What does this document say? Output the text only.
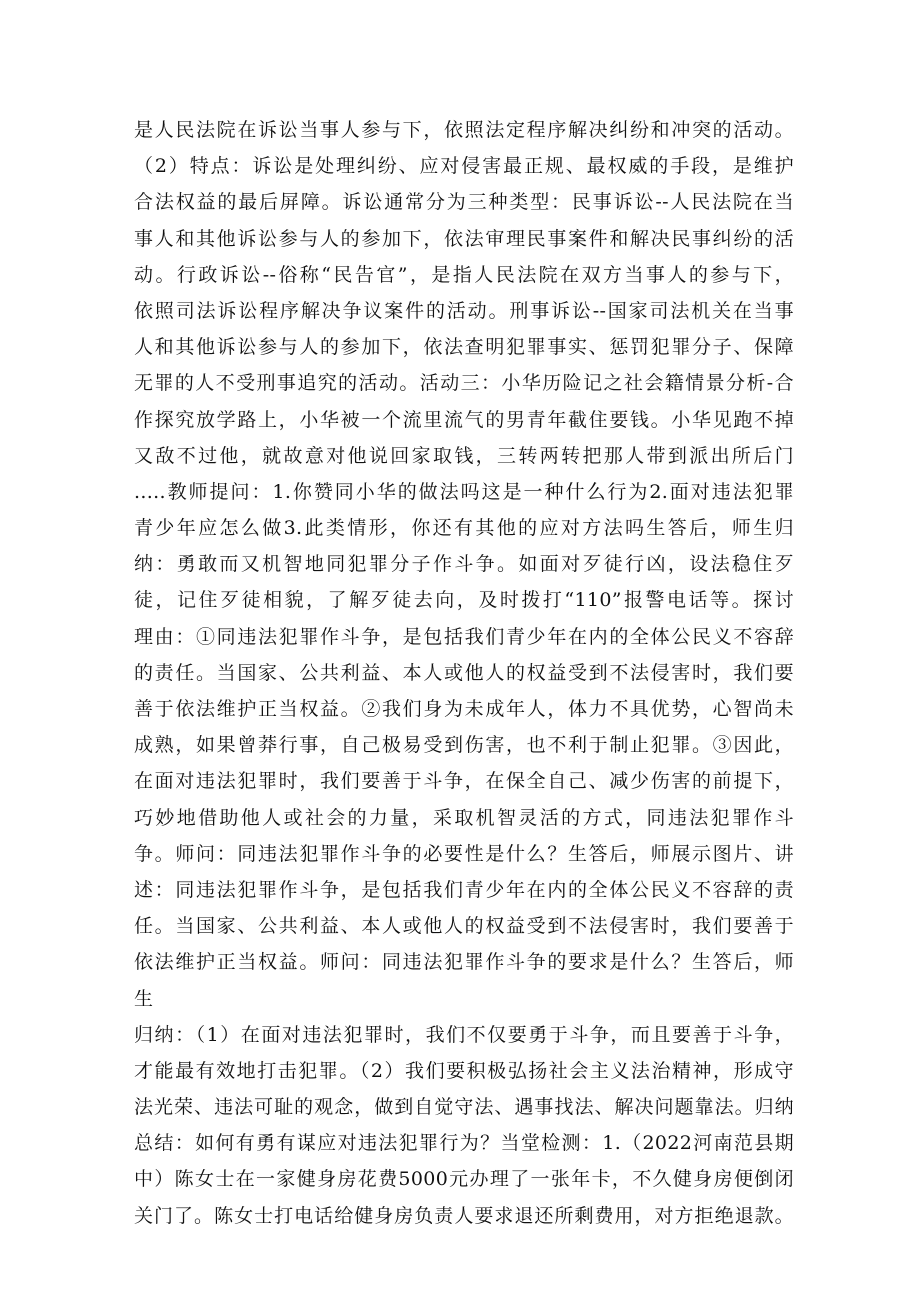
是人民法院在诉讼当事人参与下，依照法定程序解决纠纷和冲突的活动。
（2）特点：诉讼是处理纠纷、应对侵害最正规、最权威的手段，是维护
合法权益的最后屏障。诉讼通常分为三种类型：民事诉讼--人民法院在当
事人和其他诉讼参与人的参加下，依法审理民事案件和解决民事纠纷的活
动。行政诉讼--俗称“民告官”，是指人民法院在双方当事人的参与下，
依照司法诉讼程序解决争议案件的活动。刑事诉讼--国家司法机关在当事
人和其他诉讼参与人的参加下，依法查明犯罪事实、惩罚犯罪分子、保障
无罪的人不受刑事追究的活动。活动三：小华历险记之社会籍情景分析-合
作探究放学路上，小华被一个流里流气的男青年截住要钱。小华见跑不掉
又敌不过他，就故意对他说回家取钱，三转两转把那人带到派出所后门
.....教师提问：1.你赞同小华的做法吗这是一种什么行为2.面对违法犯罪
青少年应怎么做3.此类情形，你还有其他的应对方法吗生答后，师生归
纳：勇敢而又机智地同犯罪分子作斗争。如面对歹徒行凶，设法稳住歹
徒，记住歹徒相貌，了解歹徒去向，及时拨打“110”报警电话等。探讨
理由：①同违法犯罪作斗争，是包括我们青少年在内的全体公民义不容辞
的责任。当国家、公共利益、本人或他人的权益受到不法侵害时，我们要
善于依法维护正当权益。②我们身为未成年人，体力不具优势，心智尚未
成熟，如果曾莽行事，自己极易受到伤害，也不利于制止犯罪。③因此，
在面对违法犯罪时，我们要善于斗争，在保全自己、减少伤害的前提下，
巧妙地借助他人或社会的力量，采取机智灵活的方式，同违法犯罪作斗
争。师问：同违法犯罪作斗争的必要性是什么？生答后，师展示图片、讲
述：同违法犯罪作斗争，是包括我们青少年在内的全体公民义不容辞的责
任。当国家、公共利益、本人或他人的权益受到不法侵害时，我们要善于
依法维护正当权益。师问：同违法犯罪作斗争的要求是什么？生答后，师
生
归纳：（1）在面对违法犯罪时，我们不仅要勇于斗争，而且要善于斗争，
才能最有效地打击犯罪。（2）我们要积极弘扬社会主义法治精神，形成守
法光荣、违法可耻的观念，做到自觉守法、遇事找法、解决问题靠法。归纳
总结：如何有勇有谋应对违法犯罪行为？当堂检测：1.（2022河南范县期
中）陈女士在一家健身房花费5000元办理了一张年卡，不久健身房便倒闭
关门了。陈女士打电话给健身房负责人要求退还所剩费用，对方拒绝退款。
